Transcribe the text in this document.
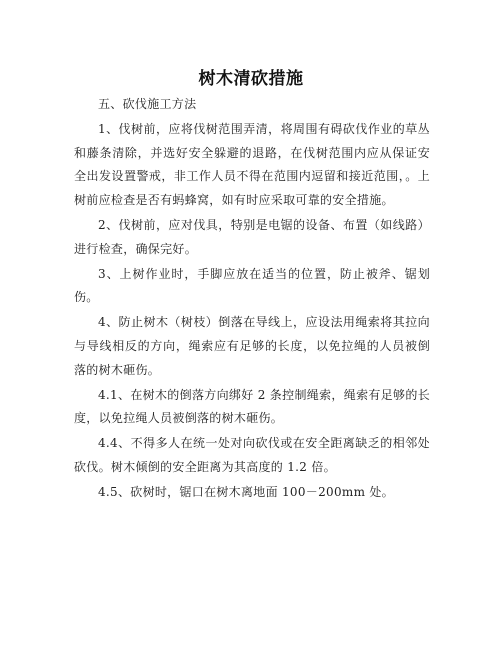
树木清砍措施

五、砍伐施工方法

1、伐树前，应将伐树范围弄清，将周围有碍砍伐作业的草丛和藤条清除，并选好安全躲避的退路，在伐树范围内应从保证安全出发设置警戒，非工作人员不得在范围内逗留和接近范围，。上树前应检查是否有蚂蜂窝，如有时应采取可靠的安全措施。

2、伐树前，应对伐具，特别是电锯的设备、布置（如线路）进行检查，确保完好。

3、上树作业时，手脚应放在适当的位置，防止被斧、锯划伤。

4、防止树木（树枝）倒落在导线上，应设法用绳索将其拉向与导线相反的方向，绳索应有足够的长度，以免拉绳的人员被倒落的树木砸伤。

4.1、在树木的倒落方向绑好 2 条控制绳索，绳索有足够的长度，以免拉绳人员被倒落的树木砸伤。

4.4、不得多人在统一处对向砍伐或在安全距离缺乏的相邻处砍伐。树木倾倒的安全距离为其高度的 1.2 倍。

4.5、砍树时，锯口在树木离地面 100－200mm 处。
